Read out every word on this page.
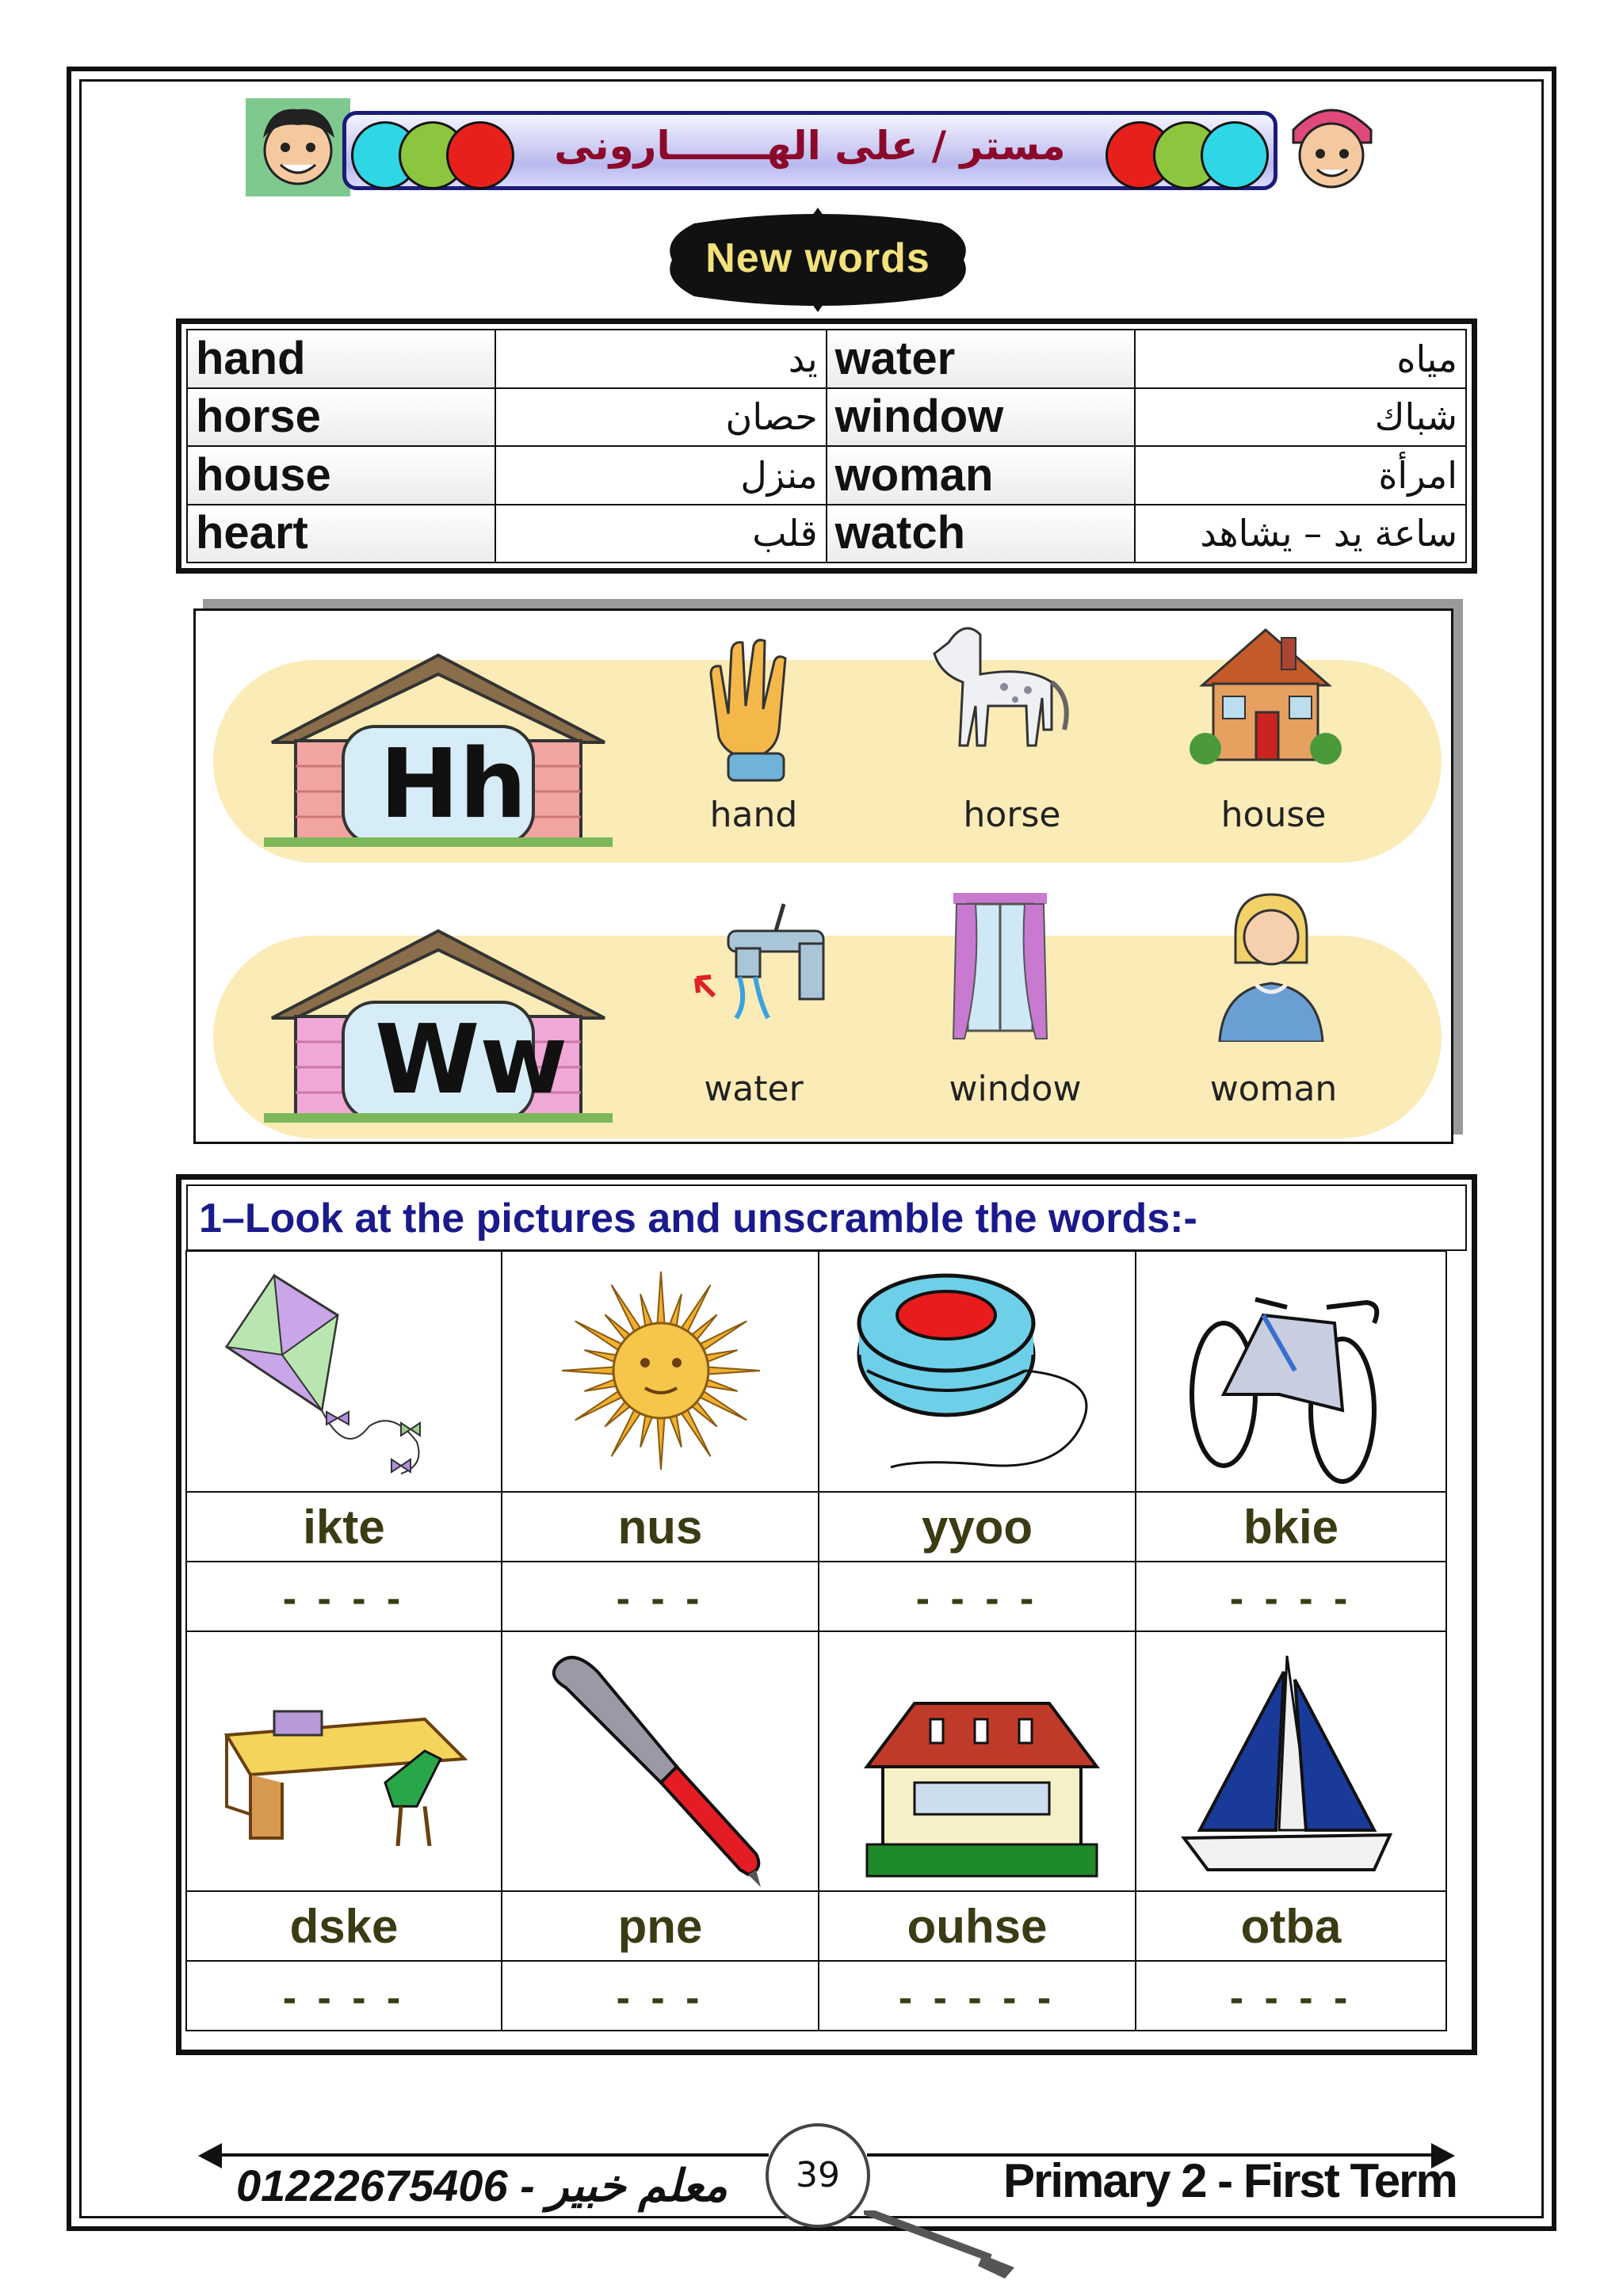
مستر / على الهـــــــارونى
New words
hand	يد	water	مياه
horse	حصان	window	شباك
house	منزل	woman	امرأة
heart	قلب	watch	ساعة يد – يشاهد
Hh
Ww
hand	horse	house
water	window	woman
1–Look at the pictures and unscramble the words:-
ikte	nus	yyoo	bkie
- - - -	- - -	- - - -	- - - -
dske	pne	ouhse	otba
- - - -	- - -	- - - - -	- - - -
01222675406 - معلم خبير	39	Primary 2 - First Term
